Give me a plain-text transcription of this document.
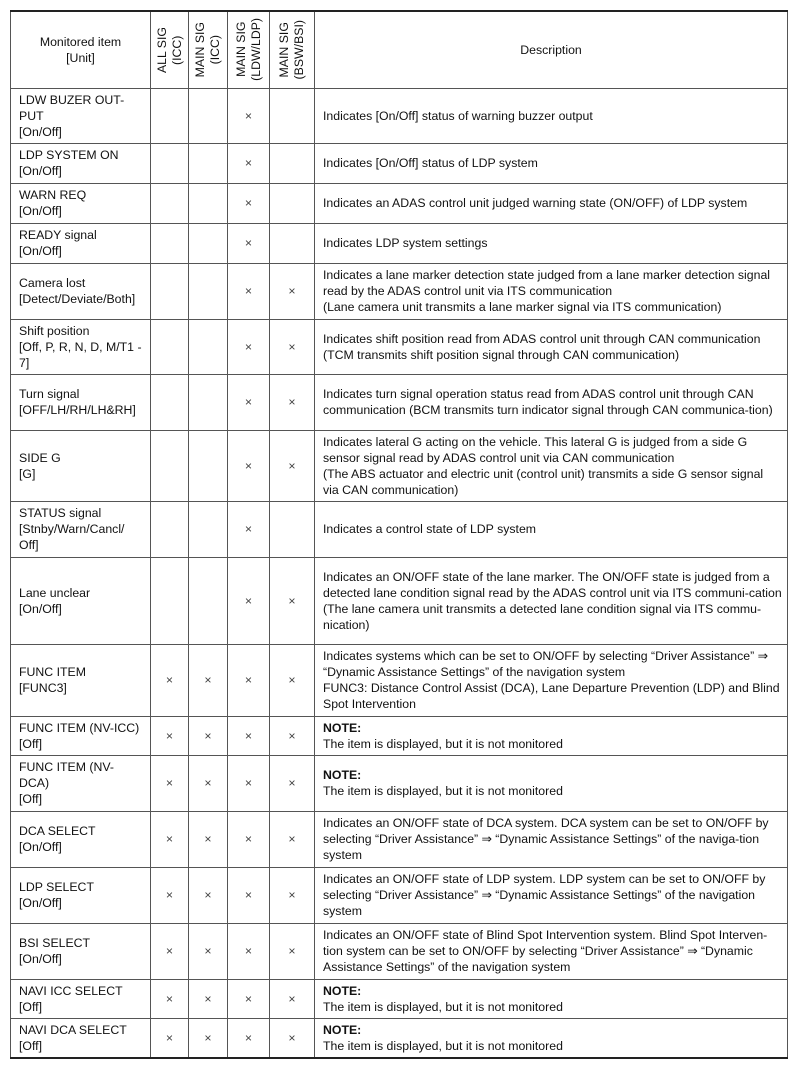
Monitored item
[Unit]	ALL SIG (ICC)	MAIN SIG (ICC)	MAIN SIG (LDW/LDP)	MAIN SIG (BSW/BSI)	Description

LDW BUZER OUT-
PUT
[On/Off]			×		Indicates [On/Off] status of warning buzzer output

LDP SYSTEM ON
[On/Off]			×		Indicates [On/Off] status of LDP system

WARN REQ
[On/Off]			×		Indicates an ADAS control unit judged warning state (ON/OFF) of LDP system

READY signal
[On/Off]			×		Indicates LDP system settings

Camera lost
[Detect/Deviate/Both]			×	×	Indicates a lane marker detection state judged from a lane marker detection signal read by the ADAS control unit via ITS communication
(Lane camera unit transmits a lane marker signal via ITS communication)

Shift position
[Off, P, R, N, D, M/T1 - 7]			×	×	Indicates shift position read from ADAS control unit through CAN communication
(TCM transmits shift position signal through CAN communication)

Turn signal
[OFF/LH/RH/LH&RH]			×	×	Indicates turn signal operation status read from ADAS control unit through CAN communication (BCM transmits turn indicator signal through CAN communica-tion)

SIDE G
[G]			×	×	Indicates lateral G acting on the vehicle. This lateral G is judged from a side G sensor signal read by ADAS control unit via CAN communication
(The ABS actuator and electric unit (control unit) transmits a side G sensor signal via CAN communication)

STATUS signal
[Stnby/Warn/Cancl/
Off]			×		Indicates a control state of LDP system

Lane unclear
[On/Off]			×	×	Indicates an ON/OFF state of the lane marker. The ON/OFF state is judged from a detected lane condition signal read by the ADAS control unit via ITS communi-cation
(The lane camera unit transmits a detected lane condition signal via ITS commu-nication)

FUNC ITEM
[FUNC3]	×	×	×	×	Indicates systems which can be set to ON/OFF by selecting “Driver Assistance” ⇒ “Dynamic Assistance Settings” of the navigation system
FUNC3: Distance Control Assist (DCA), Lane Departure Prevention (LDP) and Blind Spot Intervention

FUNC ITEM (NV-ICC)
[Off]	×	×	×	×	NOTE:
The item is displayed, but it is not monitored

FUNC ITEM (NV-
DCA)
[Off]	×	×	×	×	NOTE:
The item is displayed, but it is not monitored

DCA SELECT
[On/Off]	×	×	×	×	Indicates an ON/OFF state of DCA system. DCA system can be set to ON/OFF by selecting “Driver Assistance” ⇒ “Dynamic Assistance Settings” of the naviga-tion system

LDP SELECT
[On/Off]	×	×	×	×	Indicates an ON/OFF state of LDP system. LDP system can be set to ON/OFF by selecting “Driver Assistance” ⇒ “Dynamic Assistance Settings” of the navigation system

BSI SELECT
[On/Off]	×	×	×	×	Indicates an ON/OFF state of Blind Spot Intervention system. Blind Spot Interven-tion system can be set to ON/OFF by selecting “Driver Assistance” ⇒ “Dynamic Assistance Settings” of the navigation system

NAVI ICC SELECT
[Off]	×	×	×	×	NOTE:
The item is displayed, but it is not monitored

NAVI DCA SELECT
[Off]	×	×	×	×	NOTE:
The item is displayed, but it is not monitored
